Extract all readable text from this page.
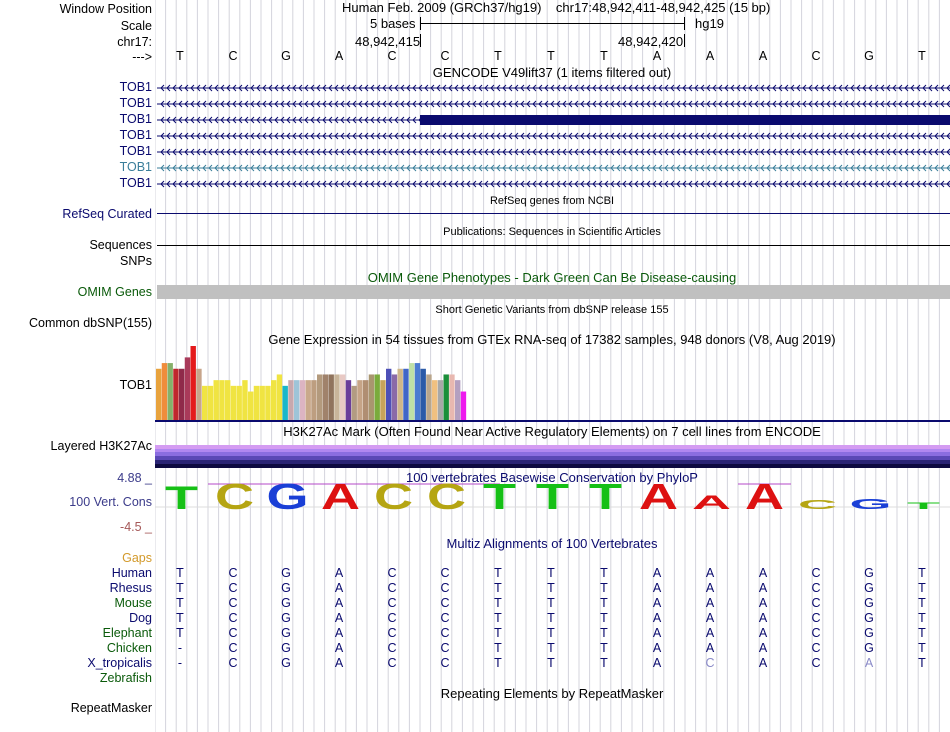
Window Position
Scale
chr17:
--->
Human Feb. 2009 (GRCh37/hg19) chr17:48,942,411-48,942,425 (15 bp)
5 bases	hg19
48,942,415	48,942,420
T	C	G	A	C	C	T	T	T	A	A	A	C	G	T
GENCODE V49lift37 (1 items filtered out)
TOB1
TOB1
TOB1
TOB1
TOB1
TOB1
TOB1
RefSeq genes from NCBI
RefSeq Curated
Publications: Sequences in Scientific Articles
Sequences
SNPs
OMIM Gene Phenotypes - Dark Green Can Be Disease-causing
OMIM Genes
Short Genetic Variants from dbSNP release 155
Common dbSNP(155)
Gene Expression in 54 tissues from GTEx RNA-seq of 17382 samples, 948 donors (V8, Aug 2019)
TOB1
H3K27Ac Mark (Often Found Near Active Regulatory Elements) on 7 cell lines from ENCODE
Layered H3K27Ac
100 vertebrates Basewise Conservation by PhyloP
4.88 _
100 Vert. Cons
-4.5 _
T C G A C C T T T A A A C G T
Multiz Alignments of 100 Vertebrates
Gaps
Human	T	C	G	A	C	C	T	T	T	A	A	A	C	G	T
Rhesus	T	C	G	A	C	C	T	T	T	A	A	A	C	G	T
Mouse	T	C	G	A	C	C	T	T	T	A	A	A	C	G	T
Dog	T	C	G	A	C	C	T	T	T	A	A	A	C	G	T
Elephant	T	C	G	A	C	C	T	T	T	A	A	A	C	G	T
Chicken	-	C	G	A	C	C	T	T	T	A	A	A	C	G	T
X_tropicalis	-	C	G	A	C	C	T	T	T	A	C	A	C	A	T
Zebrafish
Repeating Elements by RepeatMasker
RepeatMasker
